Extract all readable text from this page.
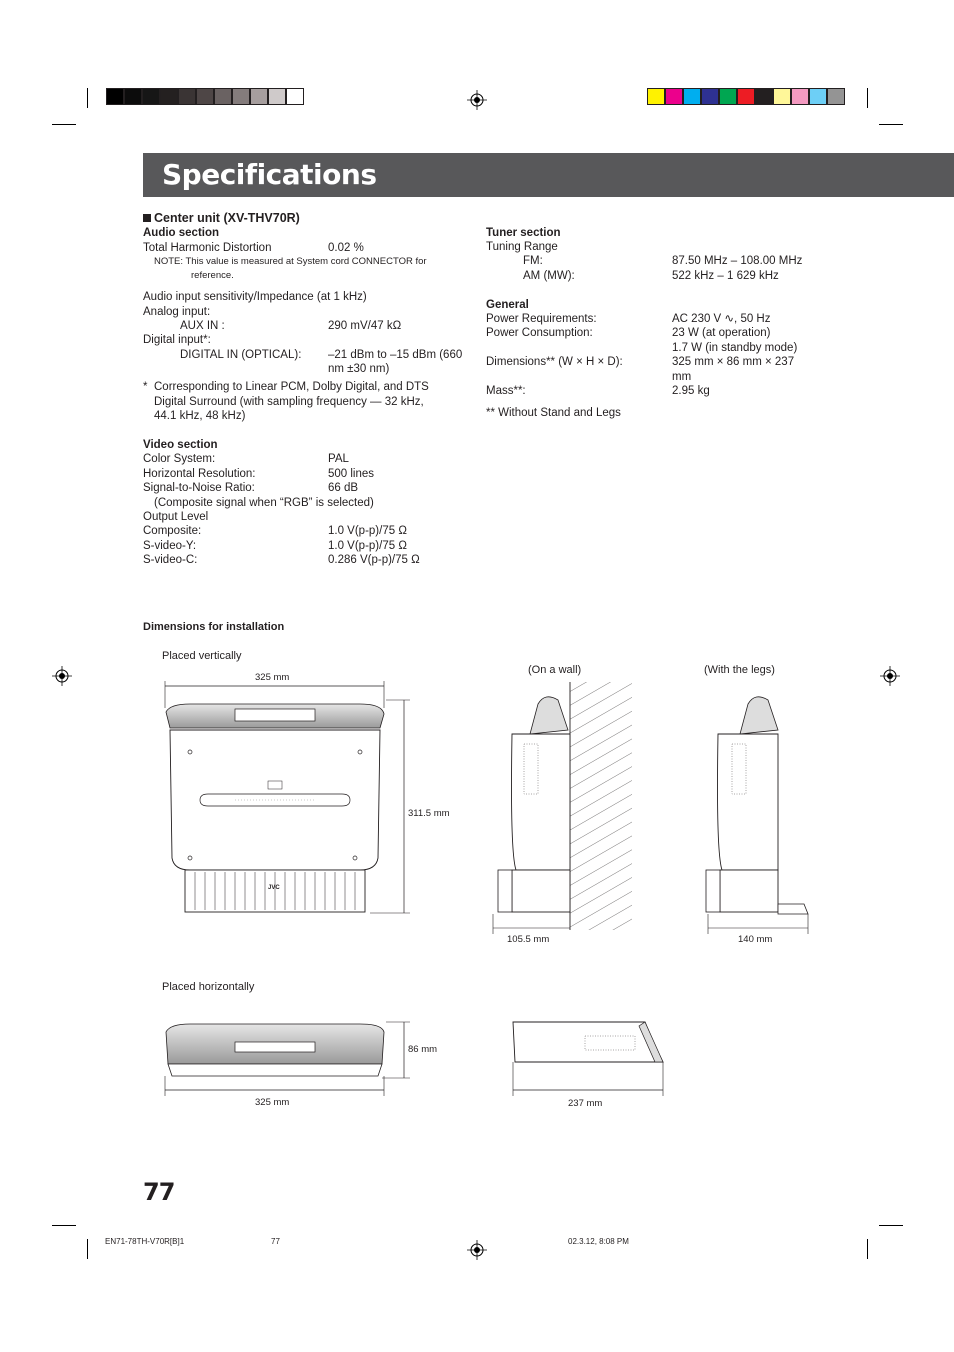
Specifications
Center unit (XV-THV70R)
Audio section
Total Harmonic Distortion	0.02 %
NOTE: This value is measured at System cord CONNECTOR for
reference.
Audio input sensitivity/Impedance (at 1 kHz)
Analog input:
AUX IN :	290 mV/47 kΩ
Digital input*:
DIGITAL IN (OPTICAL): –21 dBm to –15 dBm (660
nm ±30 nm)
* Corresponding to Linear PCM, Dolby Digital, and DTS
Digital Surround (with sampling frequency — 32 kHz,
44.1 kHz, 48 kHz)
Video section
Color System:	PAL
Horizontal Resolution:	500 lines
Signal-to-Noise Ratio:	66 dB
(Composite signal when “RGB” is selected)
Output Level
Composite:	1.0 V(p-p)/75 Ω
S-video-Y:	1.0 V(p-p)/75 Ω
S-video-C:	0.286 V(p-p)/75 Ω
Tuner section
Tuning Range
FM:	87.50 MHz – 108.00 MHz
AM (MW):	522 kHz – 1 629 kHz
General
Power Requirements:	AC 230 V ∿, 50 Hz
Power Consumption:	23 W (at operation)
1.7 W (in standby mode)
Dimensions** (W × H × D):	325 mm × 86 mm × 237
mm
Mass**:	2.95 kg
** Without Stand and Legs
Dimensions for installation
Placed vertically
(On a wall)	(With the legs)
325 mm
311.5 mm
105.5 mm	140 mm
JVC
Placed horizontally
86 mm
325 mm	237 mm
77
EN71-78TH-V70R[B]1	77	02.3.12, 8:08 PM
